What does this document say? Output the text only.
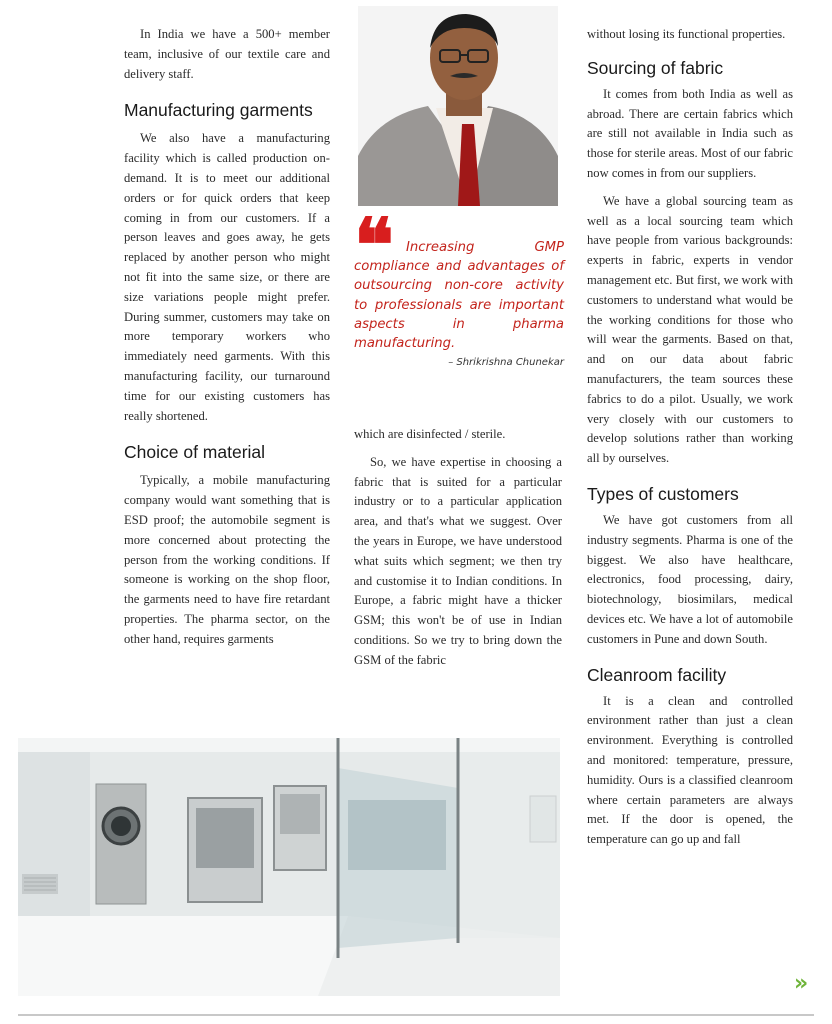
In India we have a 500+ member team, inclusive of our textile care and delivery staff.

Manufacturing garments

We also have a manufacturing facility which is called production on-demand. It is to meet our additional orders or for quick orders that keep coming in from our customers. If a person leaves and goes away, he gets replaced by another person who might not fit into the same size, or there are size variations people might prefer. During summer, customers may take on more temporary workers who immediately need garments. With this manufacturing facility, our turnaround time for our existing customers has really shortened.

Choice of material

Typically, a mobile manufacturing company would want something that is ESD proof; the automobile segment is more concerned about protecting the person from the working conditions. If someone is working on the shop floor, the garments need to have fire retardant properties. The pharma sector, on the other hand, requires garments

❝ Increasing GMP compliance and advantages of outsourcing non-core activity to professionals are important aspects in pharma manufacturing.

– Shrikrishna Chunekar

which are disinfected / sterile.

So, we have expertise in choosing a fabric that is suited for a particular industry or to a particular application area, and that's what we suggest. Over the years in Europe, we have understood what suits which segment; we then try and customise it to Indian conditions. In Europe, a fabric might have a thicker GSM; this won't be of use in Indian conditions. So we try to bring down the GSM of the fabric

without losing its functional properties.

Sourcing of fabric

It comes from both India as well as abroad. There are certain fabrics which are still not available in India such as those for sterile areas. Most of our fabric now comes in from our suppliers.

We have a global sourcing team as well as a local sourcing team which have people from various backgrounds: experts in fabric, experts in vendor management etc. But first, we work with customers to understand what would be the working conditions for those who will wear the garments. Based on that, and on our data about fabric manufacturers, the team sources these fabrics to do a pilot. Usually, we work very closely with our customers to develop solutions rather than working all by ourselves.

Types of customers

We have got customers from all industry segments. Pharma is one of the biggest. We also have healthcare, electronics, food processing, dairy, biotechnology, biosimilars, medical devices etc. We have a lot of automobile customers in Pune and down South.

Cleanroom facility

It is a clean and controlled environment rather than just a clean environment. Everything is controlled and monitored: temperature, pressure, humidity. Ours is a classified cleanroom where certain parameters are always met. If the door is opened, the temperature can go up and fall

»
